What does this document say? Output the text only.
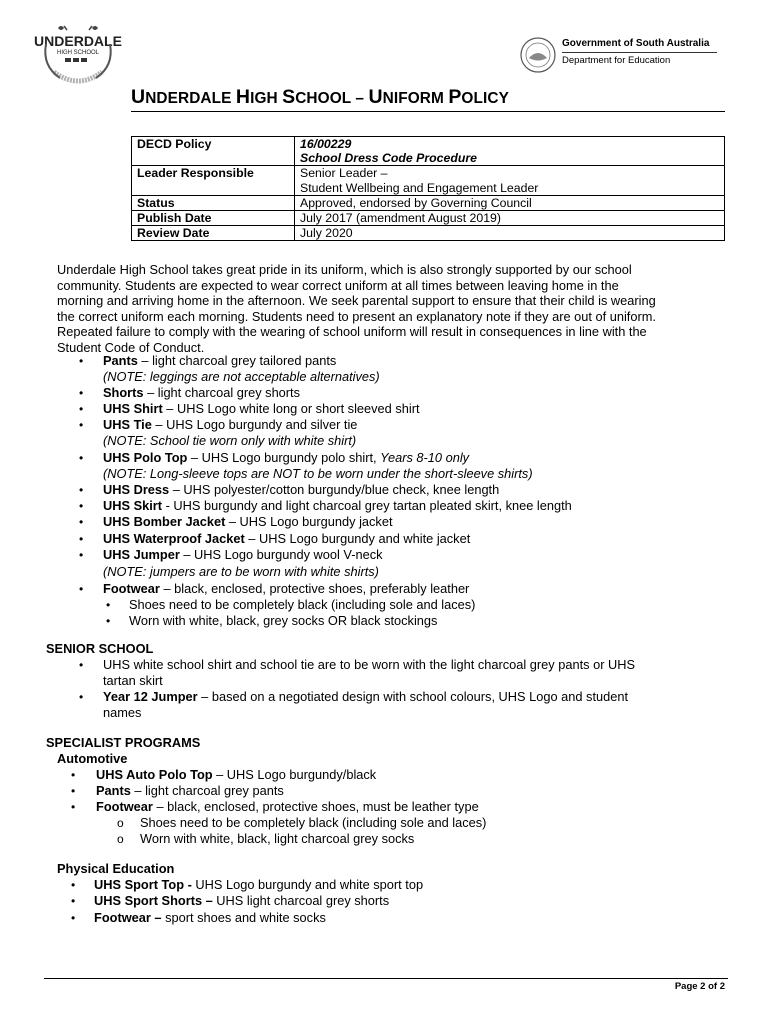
UNDERDALE
HIGH SCHOOL
Government of South Australia
Department for Education
UNDERDALE HIGH SCHOOL – UNIFORM POLICY
DECD Policy	16/00229
School Dress Code Procedure

Leader Responsible	Senior Leader –
Student Wellbeing and Engagement Leader

Status	Approved, endorsed by Governing Council
Publish Date	July 2017 (amendment August 2019)
Review Date	July 2020
Underdale High School takes great pride in its uniform, which is also strongly supported by our school
community. Students are expected to wear correct uniform at all times between leaving home in the
morning and arriving home in the afternoon. We seek parental support to ensure that their child is wearing
the correct uniform each morning. Students need to present an explanatory note if they are out of uniform.
Repeated failure to comply with the wearing of school uniform will result in consequences in line with the
Student Code of Conduct.
• Pants – light charcoal grey tailored pants
(NOTE: leggings are not acceptable alternatives)
• Shorts – light charcoal grey shorts
• UHS Shirt – UHS Logo white long or short sleeved shirt
• UHS Tie – UHS Logo burgundy and silver tie
(NOTE: School tie worn only with white shirt)
• UHS Polo Top – UHS Logo burgundy polo shirt, Years 8-10 only
(NOTE: Long-sleeve tops are NOT to be worn under the short-sleeve shirts)
• UHS Dress – UHS polyester/cotton burgundy/blue check, knee length
• UHS Skirt - UHS burgundy and light charcoal grey tartan pleated skirt, knee length
• UHS Bomber Jacket – UHS Logo burgundy jacket
• UHS Waterproof Jacket – UHS Logo burgundy and white jacket
• UHS Jumper – UHS Logo burgundy wool V-neck
(NOTE: jumpers are to be worn with white shirts)
• Footwear – black, enclosed, protective shoes, preferably leather
• Shoes need to be completely black (including sole and laces)
• Worn with white, black, grey socks OR black stockings
SENIOR SCHOOL
• UHS white school shirt and school tie are to be worn with the light charcoal grey pants or UHS
tartan skirt
• Year 12 Jumper – based on a negotiated design with school colours, UHS Logo and student
names
SPECIALIST PROGRAMS
Automotive
• UHS Auto Polo Top – UHS Logo burgundy/black
• Pants – light charcoal grey pants
• Footwear – black, enclosed, protective shoes, must be leather type
o Shoes need to be completely black (including sole and laces)
o Worn with white, black, light charcoal grey socks
Physical Education
• UHS Sport Top - UHS Logo burgundy and white sport top
• UHS Sport Shorts – UHS light charcoal grey shorts
• Footwear – sport shoes and white socks
Page 2 of 2
